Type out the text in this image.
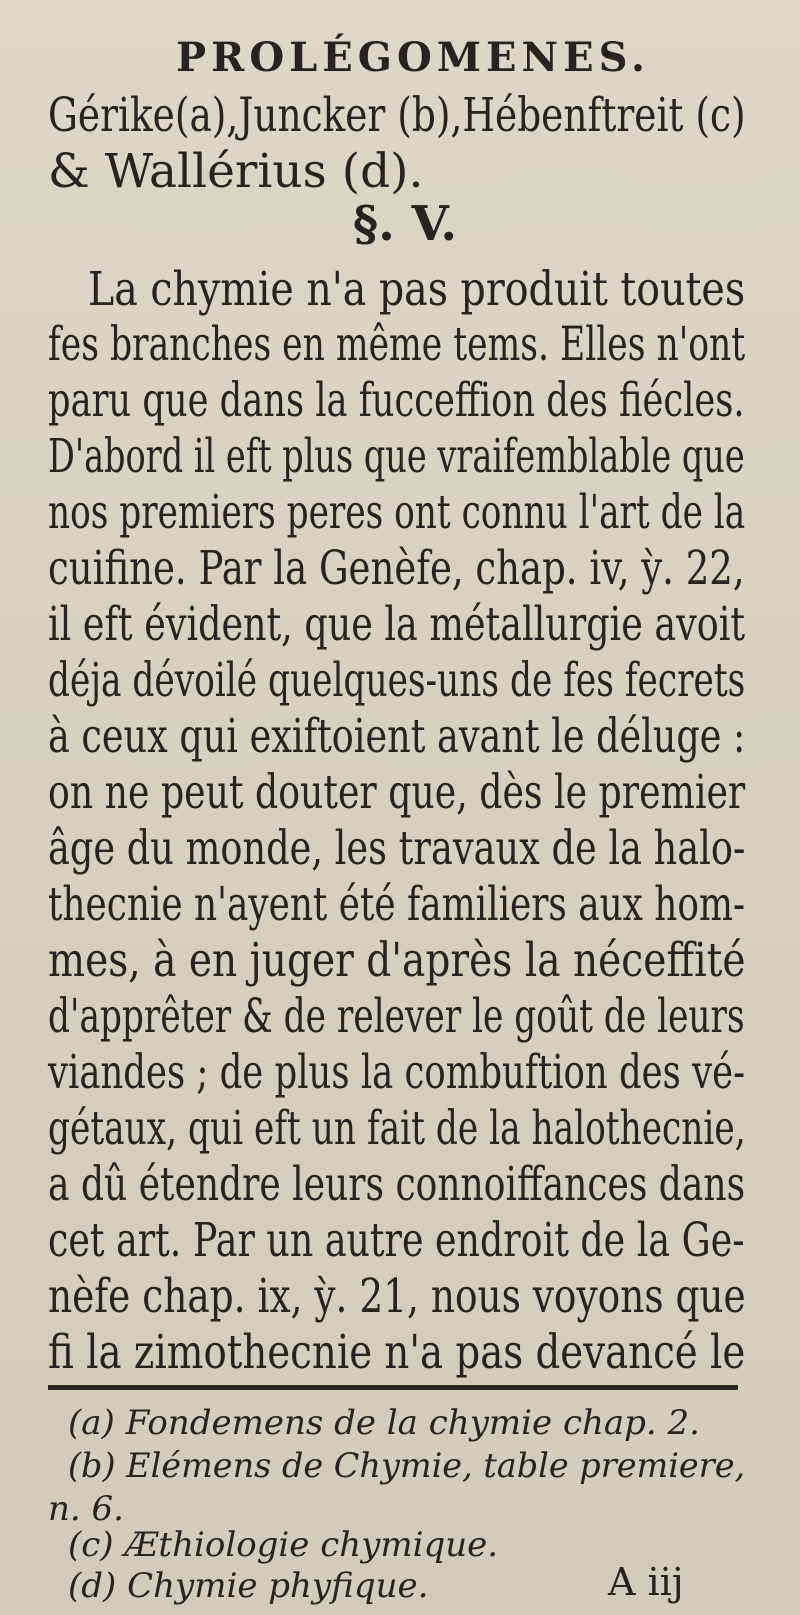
PROLÉGOMENES.
Gérike(a),Juncker (b),Hébenftreit (c)
& Wallérius (d).
§. V.
La chymie n'a pas produit toutes
fes branches en même tems. Elles n'ont
paru que dans la fucceffion des fiécles.
D'abord il eft plus que vraifemblable que
nos premiers peres ont connu l'art de la
cuifine. Par la Genèfe, chap. iv, ỳ. 22,
il eft évident, que la métallurgie avoit
déja dévoilé quelques-uns de fes fecrets
à ceux qui exiftoient avant le déluge :
on ne peut douter que, dès le premier
âge du monde, les travaux de la halo-
thecnie n'ayent été familiers aux hom-
mes, à en juger d'après la néceffité
d'apprêter & de relever le goût de leurs
viandes ; de plus la combuftion des vé-
gétaux, qui eft un fait de la halothecnie,
a dû étendre leurs connoiffances dans
cet art. Par un autre endroit de la Ge-
nèfe chap. ix, ỳ. 21, nous voyons que
fi la zimothecnie n'a pas devancé le
(a) Fondemens de la chymie chap. 2.
(b) Elémens de Chymie, table premiere,
n. 6.
(c) Æthiologie chymique.
(d) Chymie phyfique.	A iij
